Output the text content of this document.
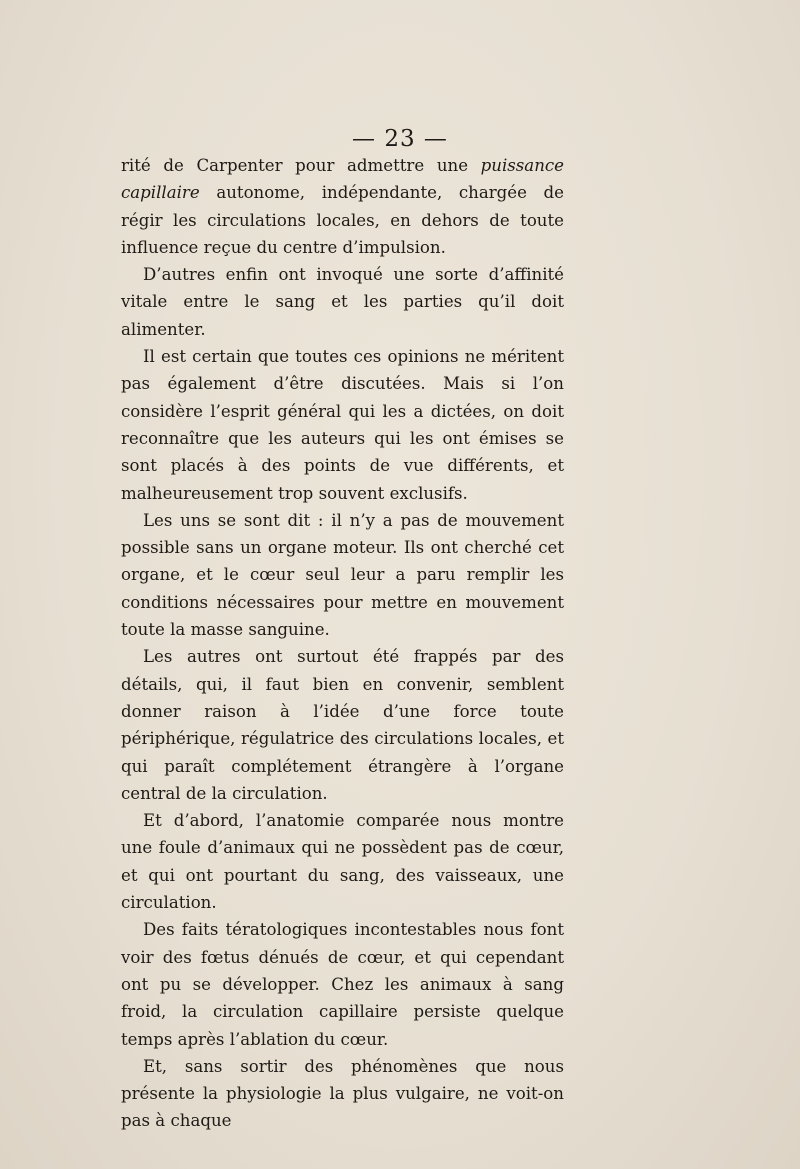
— 23 —

rité de Carpenter pour admettre une puissance capillaire autonome, indépendante, chargée de régir les circulations locales, en dehors de toute influence reçue du centre d’impulsion.

D’autres enfin ont invoqué une sorte d’affinité vitale entre le sang et les parties qu’il doit alimenter.

Il est certain que toutes ces opinions ne méritent pas également d’être discutées. Mais si l’on considère l’esprit général qui les a dictées, on doit reconnaître que les auteurs qui les ont émises se sont placés à des points de vue différents, et malheureusement trop souvent exclusifs.

Les uns se sont dit : il n’y a pas de mouvement possible sans un organe moteur. Ils ont cherché cet organe, et le cœur seul leur a paru remplir les conditions nécessaires pour mettre en mouvement toute la masse sanguine.

Les autres ont surtout été frappés par des détails, qui, il faut bien en convenir, semblent donner raison à l’idée d’une force toute périphérique, régulatrice des circulations locales, et qui paraît complétement étrangère à l’organe central de la circulation.

Et d’abord, l’anatomie comparée nous montre une foule d’animaux qui ne possèdent pas de cœur, et qui ont pourtant du sang, des vaisseaux, une circulation.

Des faits tératologiques incontestables nous font voir des fœtus dénués de cœur, et qui cependant ont pu se développer. Chez les animaux à sang froid, la circulation capillaire persiste quelque temps après l’ablation du cœur.

Et, sans sortir des phénomènes que nous présente la physiologie la plus vulgaire, ne voit-on pas à chaque
